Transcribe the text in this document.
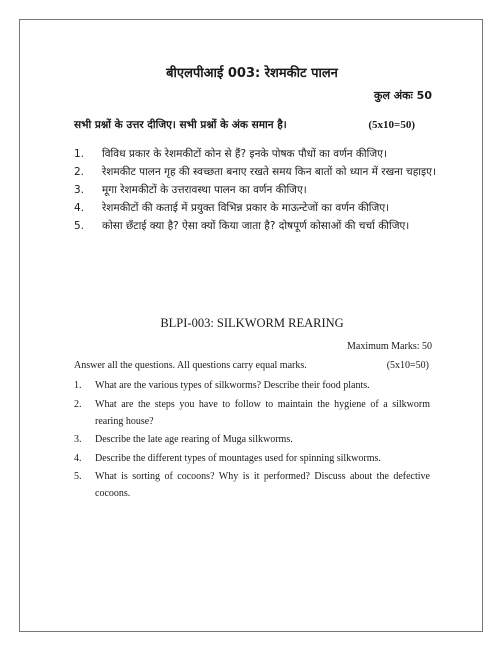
बीएलपीआई 003: रेशमकीट पालन
कुल अंकः 50
सभी प्रश्नों के उत्तर दीजिए। सभी प्रश्नों के अंक समान है।	(5x10=50)
1.	विविध प्रकार के रेशमकीटों कोन से हैं? इनके पोषक पौधों का वर्णन कीजिए।
2.	रेशमकीट पालन गृह की स्वच्छता बनाए रखते समय किन बातों को ध्यान में रखना चहाइए।
3.	मूगा रेशमकीटों के उत्तरावस्था पालन का वर्णन कीजिए।
4.	रेशमकीटों की कताई में प्रयुक्त विभिन्न प्रकार के माऊन्टेजों का वर्णन कीजिए।
5.	कोसा छँटाई क्या है? ऐसा क्यों किया जाता है? दोषपूर्ण कोसाओं की चर्चा कीजिए।
BLPI-003: SILKWORM REARING
Maximum Marks: 50
Answer all the questions. All questions carry equal marks.	(5x10=50)
1.	What are the various types of silkworms? Describe their food plants.
2.	What are the steps you have to follow to maintain the hygiene of a silkworm rearing house?
3.	Describe the late age rearing of Muga silkworms.
4.	Describe the different types of mountages used for spinning silkworms.
5.	What is sorting of cocoons? Why is it performed? Discuss about the defective cocoons.
